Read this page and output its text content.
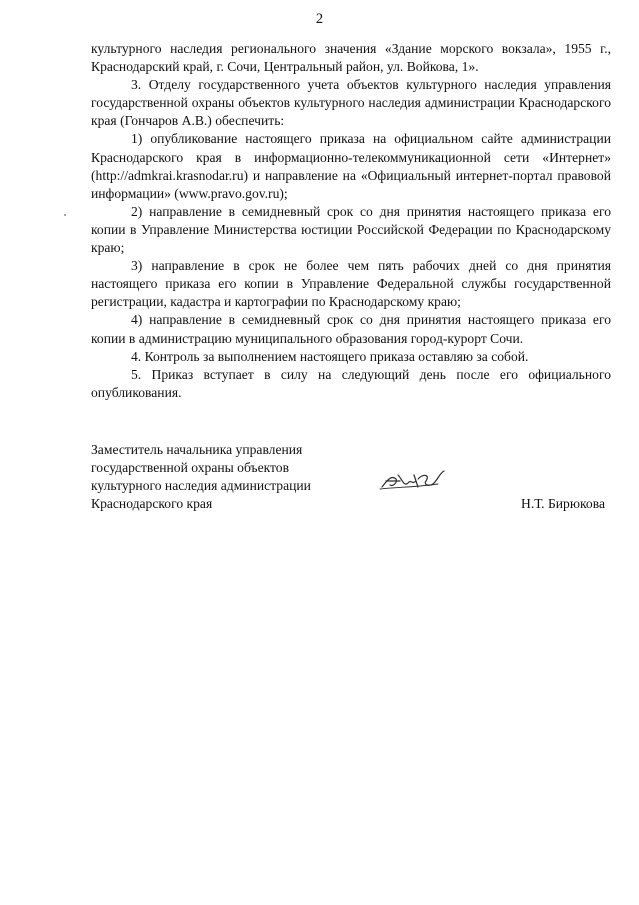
2

культурного наследия регионального значения «Здание морского вокзала», 1955 г., Краснодарский край, г. Сочи, Центральный район, ул. Войкова, 1».

3. Отделу государственного учета объектов культурного наследия управления государственной охраны объектов культурного наследия администрации Краснодарского края (Гончаров А.В.) обеспечить:

1) опубликование настоящего приказа на официальном сайте администрации Краснодарского края в информационно-телекоммуникационной сети «Интернет» (http://admkrai.krasnodar.ru) и направление на «Официальный интернет-портал правовой информации» (www.pravo.gov.ru);

2) направление в семидневный срок со дня принятия настоящего приказа его копии в Управление Министерства юстиции Российской Федерации по Краснодарскому краю;

3) направление в срок не более чем пять рабочих дней со дня принятия настоящего приказа его копии в Управление Федеральной службы государственной регистрации, кадастра и картографии по Краснодарскому краю;

4) направление в семидневный срок со дня принятия настоящего приказа его копии в администрацию муниципального образования город-курорт Сочи.

4. Контроль за выполнением настоящего приказа оставляю за собой.

5. Приказ вступает в силу на следующий день после его официального опубликования.

Заместитель начальника управления
государственной охраны объектов
культурного наследия администрации
Краснодарского края	Н.Т. Бирюкова
